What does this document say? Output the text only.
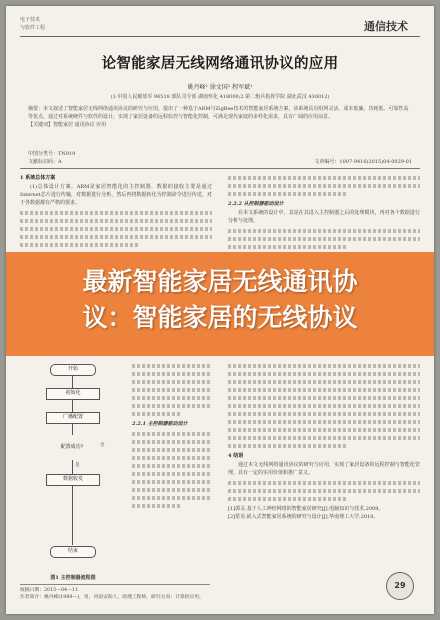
电子技术
与软件工程	通信技术
论智能家居无线网络通讯协议的应用
姚丹峰¹ 徐文国² 程军斌¹
(1.中国人民解放军 96518 部队司令部 湖南怀化 418000;2.第二炮兵指挥学院 湖北武汉 430012)
摘要：本文叙述了智能家居无线网络通讯协议的研究与应用，提出了一种基于ARM与ZigBee技术的智能家居系统方案，该系统具有组网灵活、成本低廉、功耗低、可靠性高等优点，通过对系统硬件与软件的设计，实现了家居设备的远程监控与智能化控制，可满足现代家庭的多样化需求，具有广阔的应用前景。
【关键词】智能家居 通讯协议 应用
中图分类号：TN919
文献标识码：A	文章编号：1007-9416(2015)04-0029-01
1 系统总体方案
(1)总体设计方案。ARM是家居智能化的主控制器，数据的接收主要是通过Internet芯片进行传输，对数据进行分析，然后再将数据转化为控制命令进行传送，对于各数据都有严格的要求。	2.2.2 从控制器驱动设计
在本文系统的设计中，其是在其进入主控制器之后的处理模块，再对各个数据进行分析与处理。
最新智能家居无线通讯协
议：智能家居的无线协议
开始
初始化
广播配置
配置成功?	否
是
数据收发
结束
图1 主控制器流程图
2.2.1 主控制器驱动设计
4 结语
通过本文无线网络通讯协议的研究与应用，实现了家居设备的远程控制与智能化管理，具有一定的实用价值和推广意义。
[1]郭灵.基于人工神经网络的智能家居研究[J].电脑知识与技术,2009。
[2]常昊.嵌入式智能家居系统的研究与设计[J].华南理工大学,2010。
收稿日期：2015—04—11
作者简介：姚丹峰(1989—)，男，河南安阳人，助理工程师，研究方向：计算机应用。
29
